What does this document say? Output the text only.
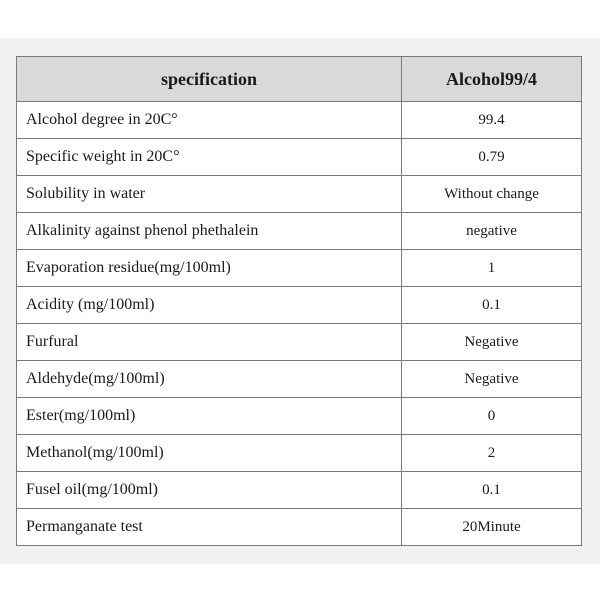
specification	Alcohol99/4
Alcohol degree in 20C°	99.4
Specific weight in 20C°	0.79
Solubility in water	Without change
Alkalinity against phenol phethalein	negative
Evaporation residue(mg/100ml)	1
Acidity (mg/100ml)	0.1
Furfural	Negative
Aldehyde(mg/100ml)	Negative
Ester(mg/100ml)	0
Methanol(mg/100ml)	2
Fusel oil(mg/100ml)	0.1
Permanganate test	20Minute
